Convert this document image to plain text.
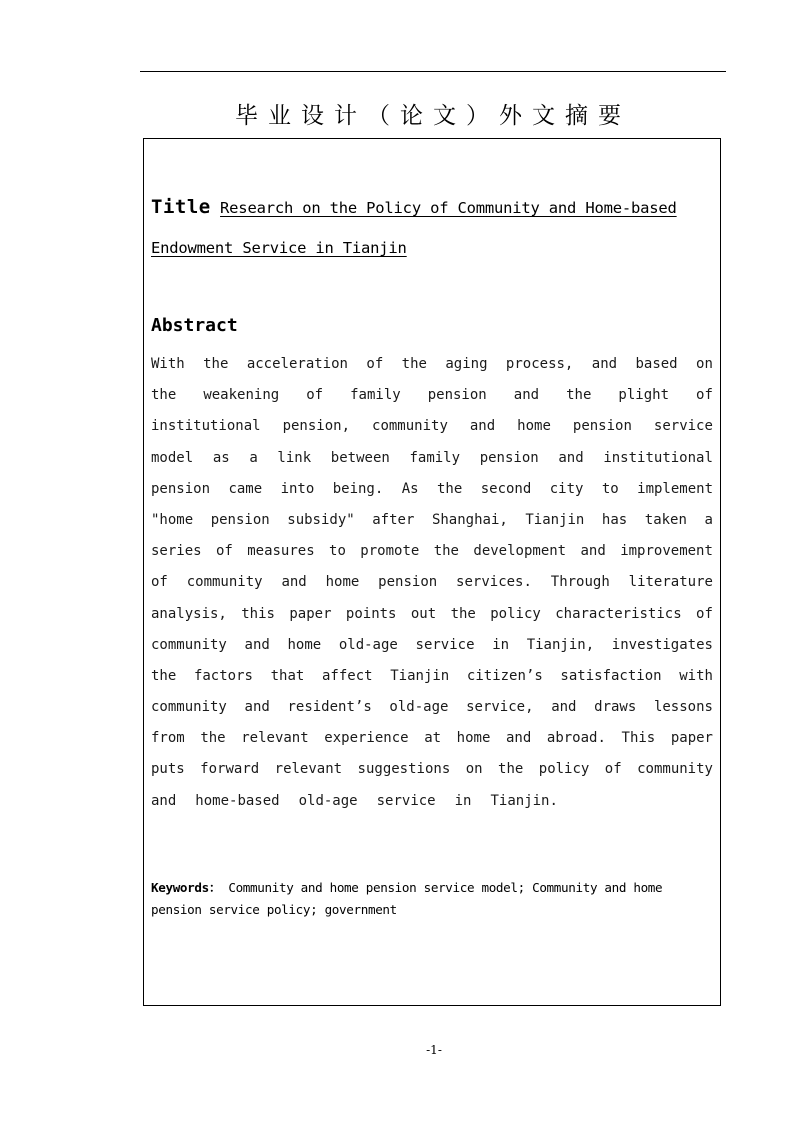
毕业设计（论文）外文摘要
Title Research on the Policy of Community and Home-based
Endowment Service in Tianjin
Abstract
With the acceleration of the aging process, and based on
the weakening of family pension and the plight of
institutional pension, community and home pension service
model as a link between family pension and institutional
pension came into being. As the second city to implement
"home pension subsidy" after Shanghai, Tianjin has taken a
series of measures to promote the development and improvement
of community and home pension services. Through literature
analysis, this paper points out the policy characteristics of
community and home old-age service in Tianjin, investigates
the factors that affect Tianjin citizen’s satisfaction with
community and resident’s old-age service, and draws lessons
from the relevant experience at home and abroad. This paper
puts forward relevant suggestions on the policy of community
and home-based old-age service in Tianjin.
Keywords： Community and home pension service model; Community and home pension service policy; government
-1-
